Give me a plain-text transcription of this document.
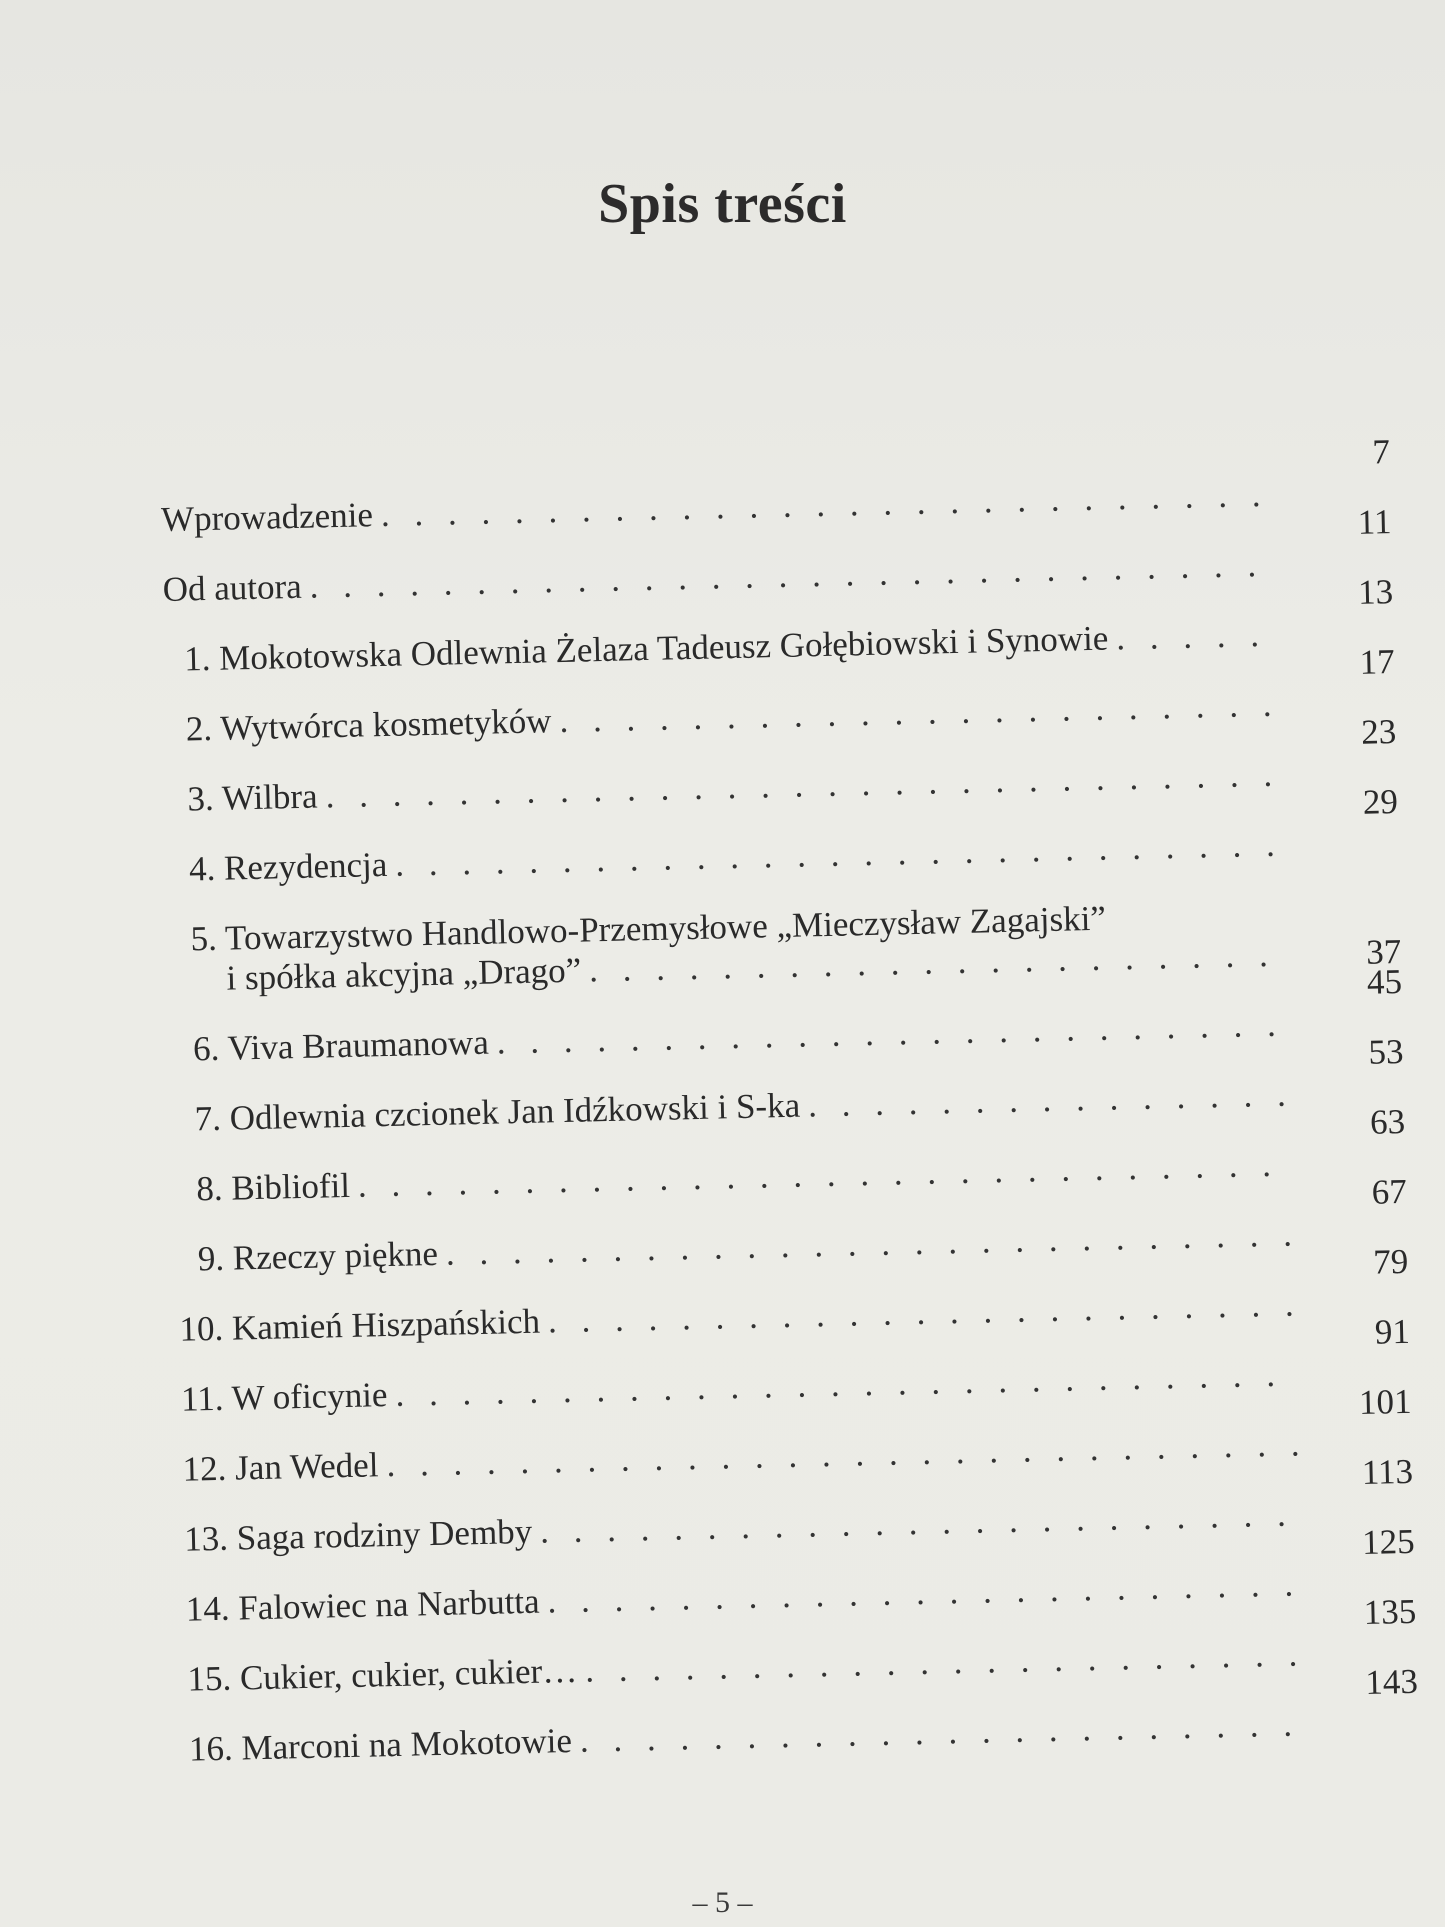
Spis treści
Wprowadzenie
. . .
7
Od autora
. . .
11
1. Mokotowska Odlewnia Żelaza Tadeusz Gołębiowski i Synowie
. . .
13
2. Wytwórca kosmetyków
. . .
17
3. Wilbra
. . .
23
4. Rezydencja
. . .
29
5. Towarzystwo Handlowo-Przemysłowe „Mieczysław Zagajski”
i spółka akcyjna „Drago”
. . .	37
6. Viva Braumanowa
. . .
45
7. Odlewnia czcionek Jan Idźkowski i S-ka
. . .
53
8. Bibliofil
. . .
63
9. Rzeczy piękne
. . .
67
10. Kamień Hiszpańskich
. . .
79
11. W oficynie
. . .
91
12. Jan Wedel
. . .
101
13. Saga rodziny Demby
. . .
113
14. Falowiec na Narbutta
. . .
125
15. Cukier, cukier, cukier…
. . .
135
16. Marconi na Mokotowie
. . .
143
– 5 –
